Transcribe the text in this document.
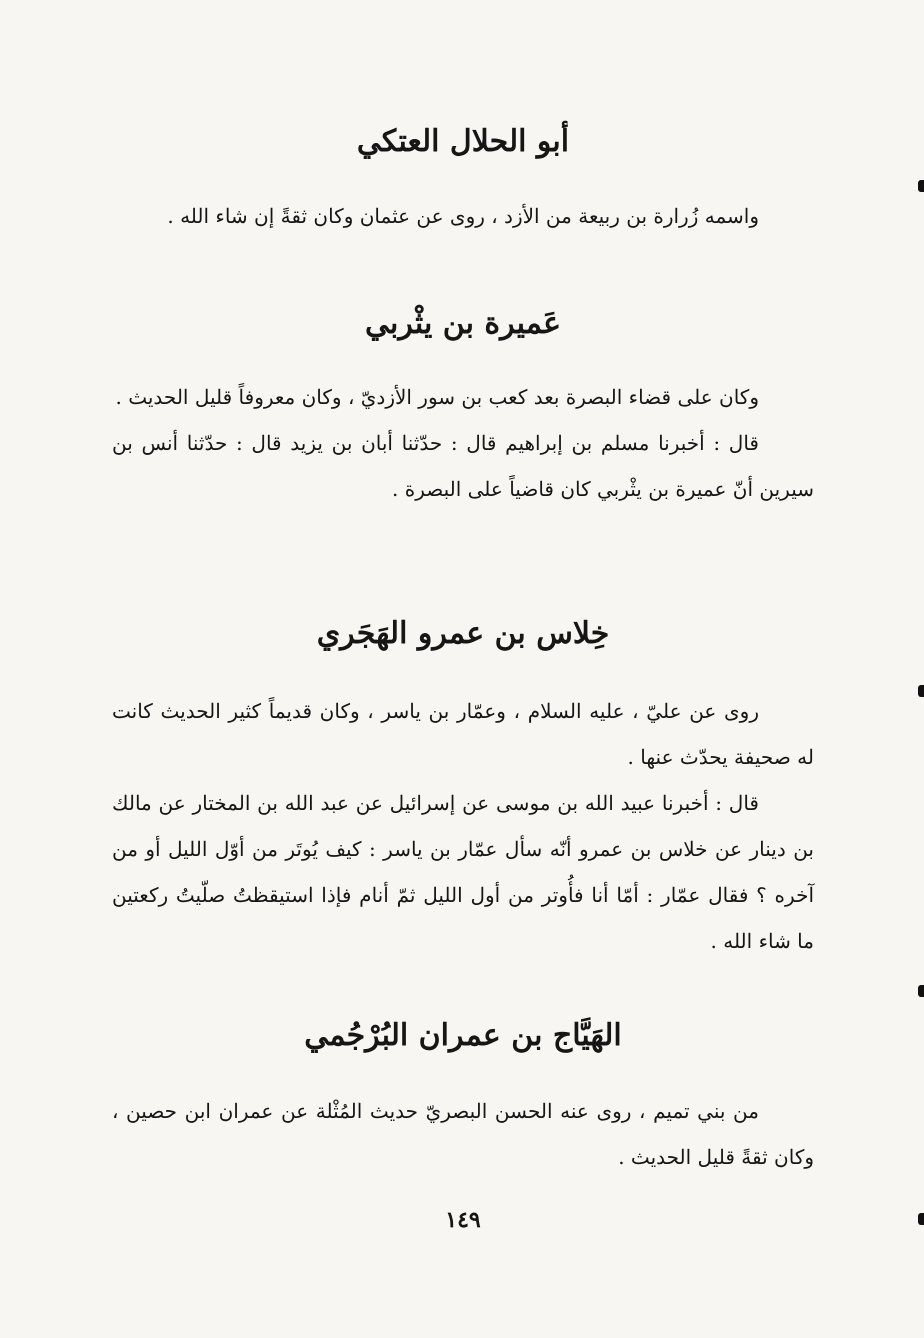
أبو الحلال العتكي

واسمه زُرارة بن ربيعة من الأزد ، روى عن عثمان وكان ثقةً إن شاء الله .

عَميرة بن يثْربي

وكان على قضاء البصرة بعد كعب بن سور الأزديّ ، وكان معروفاً قليل الحديث .

قال : أخبرنا مسلم بن إبراهيم قال : حدّثنا أبان بن يزيد قال : حدّثنا أنس بن سيرين أنّ عميرة بن يثْربي كان قاضياً على البصرة .

خِلاس بن عمرو الهَجَري

روى عن عليّ ، عليه السلام ، وعمّار بن ياسر ، وكان قديماً كثير الحديث كانت له صحيفة يحدّث عنها .

قال : أخبرنا عبيد الله بن موسى عن إسرائيل عن عبد الله بن المختار عن مالك بن دينار عن خلاس بن عمرو أنّه سأل عمّار بن ياسر : كيف يُوتَر من أوّل الليل أو من آخره ؟ فقال عمّار : أمّا أنا فأُوتر من أول الليل ثمّ أنام فإذا استيقظتُ صلّيتُ ركعتين ما شاء الله .

الهَيَّاج بن عمران البُرْجُمي

من بني تميم ، روى عنه الحسن البصريّ حديث المُثْلة عن عمران ابن حصين ، وكان ثقةً قليل الحديث .

١٤٩
